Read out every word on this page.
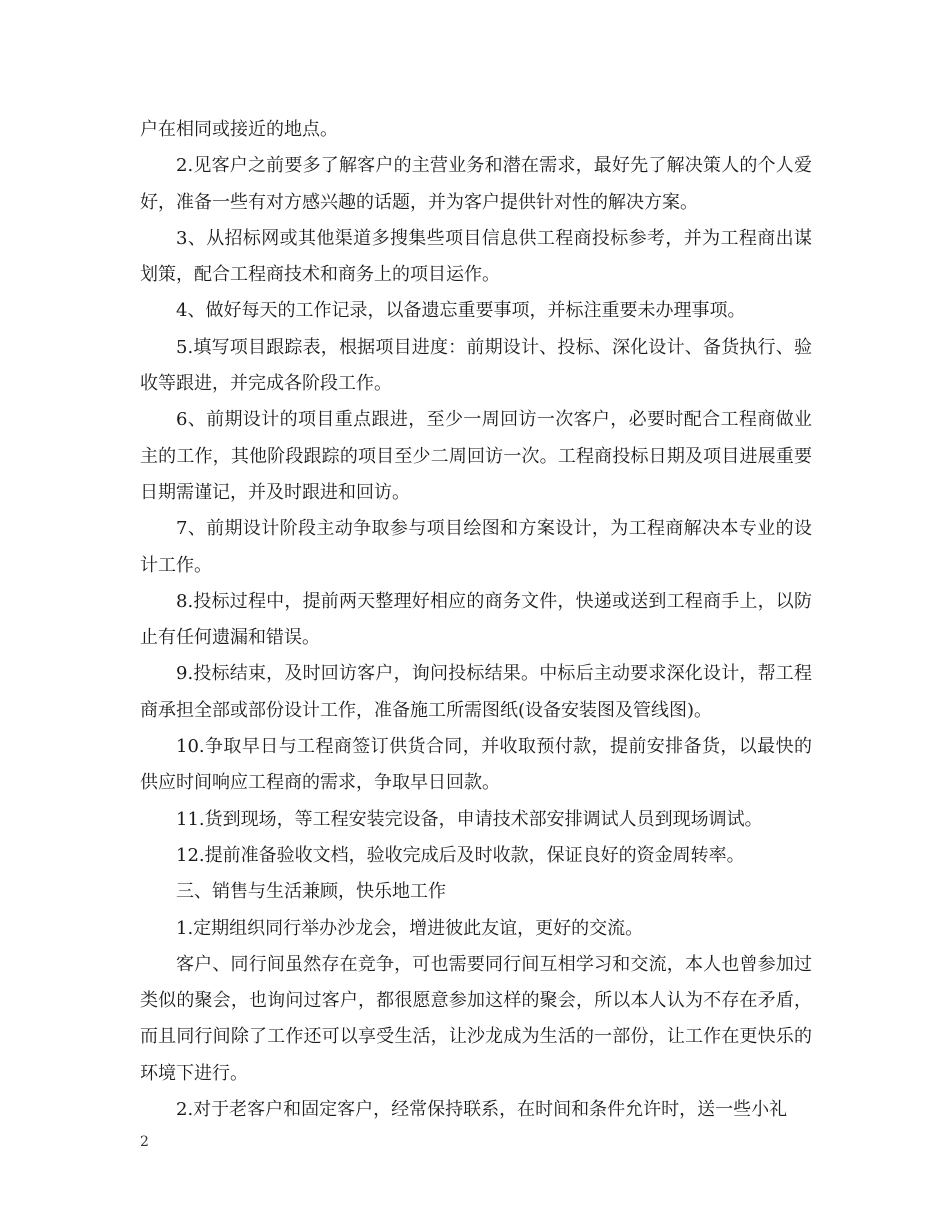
户在相同或接近的地点。

2.见客户之前要多了解客户的主营业务和潜在需求，最好先了解决策人的个人爱好，准备一些有对方感兴趣的话题，并为客户提供针对性的解决方案。

3、从招标网或其他渠道多搜集些项目信息供工程商投标参考，并为工程商出谋划策，配合工程商技术和商务上的项目运作。

4、做好每天的工作记录，以备遗忘重要事项，并标注重要未办理事项。

5.填写项目跟踪表，根据项目进度：前期设计、投标、深化设计、备货执行、验收等跟进，并完成各阶段工作。

6、前期设计的项目重点跟进，至少一周回访一次客户，必要时配合工程商做业主的工作，其他阶段跟踪的项目至少二周回访一次。工程商投标日期及项目进展重要日期需谨记，并及时跟进和回访。

7、前期设计阶段主动争取参与项目绘图和方案设计，为工程商解决本专业的设计工作。

8.投标过程中，提前两天整理好相应的商务文件，快递或送到工程商手上，以防止有任何遗漏和错误。

9.投标结束，及时回访客户，询问投标结果。中标后主动要求深化设计，帮工程商承担全部或部份设计工作，准备施工所需图纸(设备安装图及管线图)。

10.争取早日与工程商签订供货合同，并收取预付款，提前安排备货，以最快的供应时间响应工程商的需求，争取早日回款。

11.货到现场，等工程安装完设备，申请技术部安排调试人员到现场调试。

12.提前准备验收文档，验收完成后及时收款，保证良好的资金周转率。

三、销售与生活兼顾，快乐地工作

1.定期组织同行举办沙龙会，增进彼此友谊，更好的交流。

客户、同行间虽然存在竞争，可也需要同行间互相学习和交流，本人也曾参加过类似的聚会，也询问过客户，都很愿意参加这样的聚会，所以本人认为不存在矛盾，而且同行间除了工作还可以享受生活，让沙龙成为生活的一部份，让工作在更快乐的环境下进行。

2.对于老客户和固定客户，经常保持联系，在时间和条件允许时，送一些小礼

2
